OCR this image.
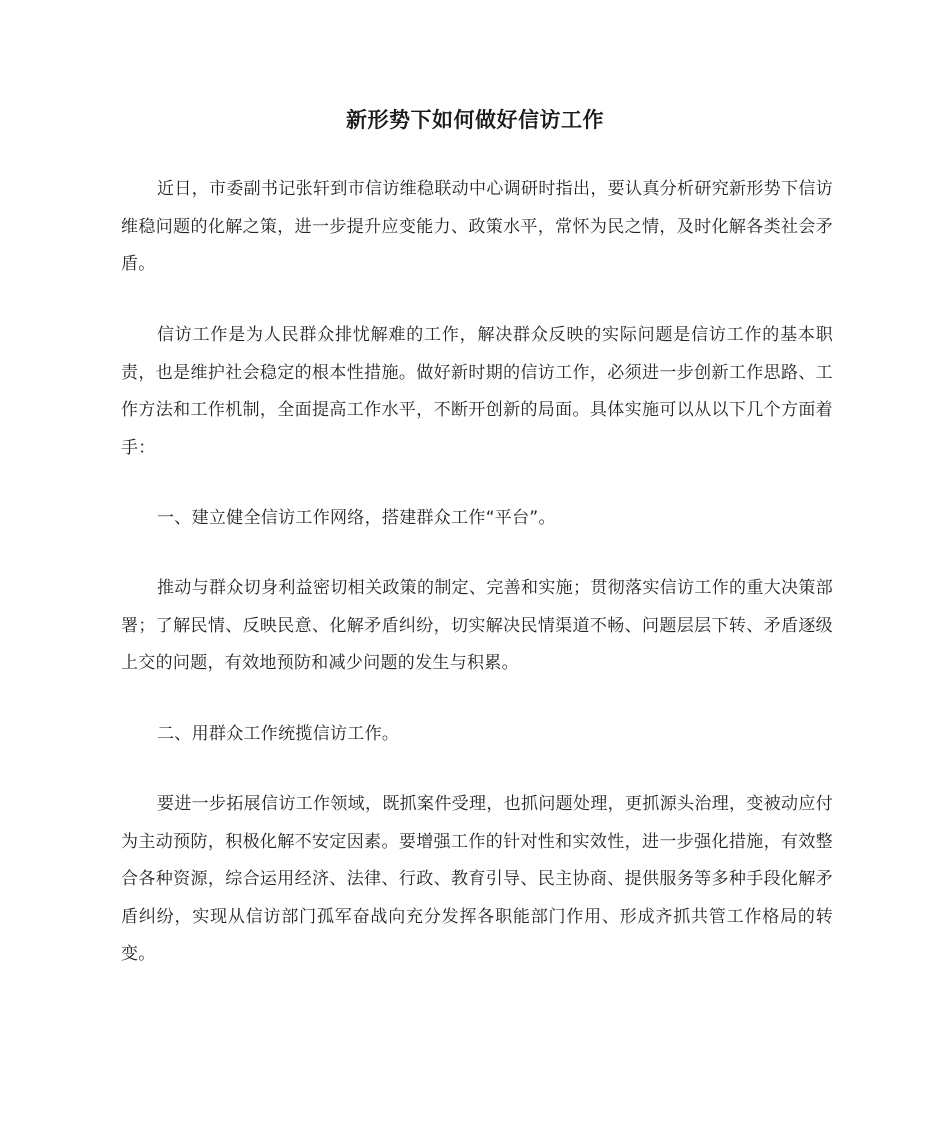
新形势下如何做好信访工作

近日，市委副书记张轩到市信访维稳联动中心调研时指出，要认真分析研究新形势下信访维稳问题的化解之策，进一步提升应变能力、政策水平，常怀为民之情，及时化解各类社会矛盾。

信访工作是为人民群众排忧解难的工作，解决群众反映的实际问题是信访工作的基本职责，也是维护社会稳定的根本性措施。做好新时期的信访工作，必须进一步创新工作思路、工作方法和工作机制，全面提高工作水平，不断开创新的局面。具体实施可以从以下几个方面着手：

一、建立健全信访工作网络，搭建群众工作“平台”。

推动与群众切身利益密切相关政策的制定、完善和实施；贯彻落实信访工作的重大决策部署；了解民情、反映民意、化解矛盾纠纷，切实解决民情渠道不畅、问题层层下转、矛盾逐级上交的问题，有效地预防和减少问题的发生与积累。

二、用群众工作统揽信访工作。

要进一步拓展信访工作领域，既抓案件受理，也抓问题处理，更抓源头治理，变被动应付为主动预防，积极化解不安定因素。要增强工作的针对性和实效性，进一步强化措施，有效整合各种资源，综合运用经济、法律、行政、教育引导、民主协商、提供服务等多种手段化解矛盾纠纷，实现从信访部门孤军奋战向充分发挥各职能部门作用、形成齐抓共管工作格局的转变。
